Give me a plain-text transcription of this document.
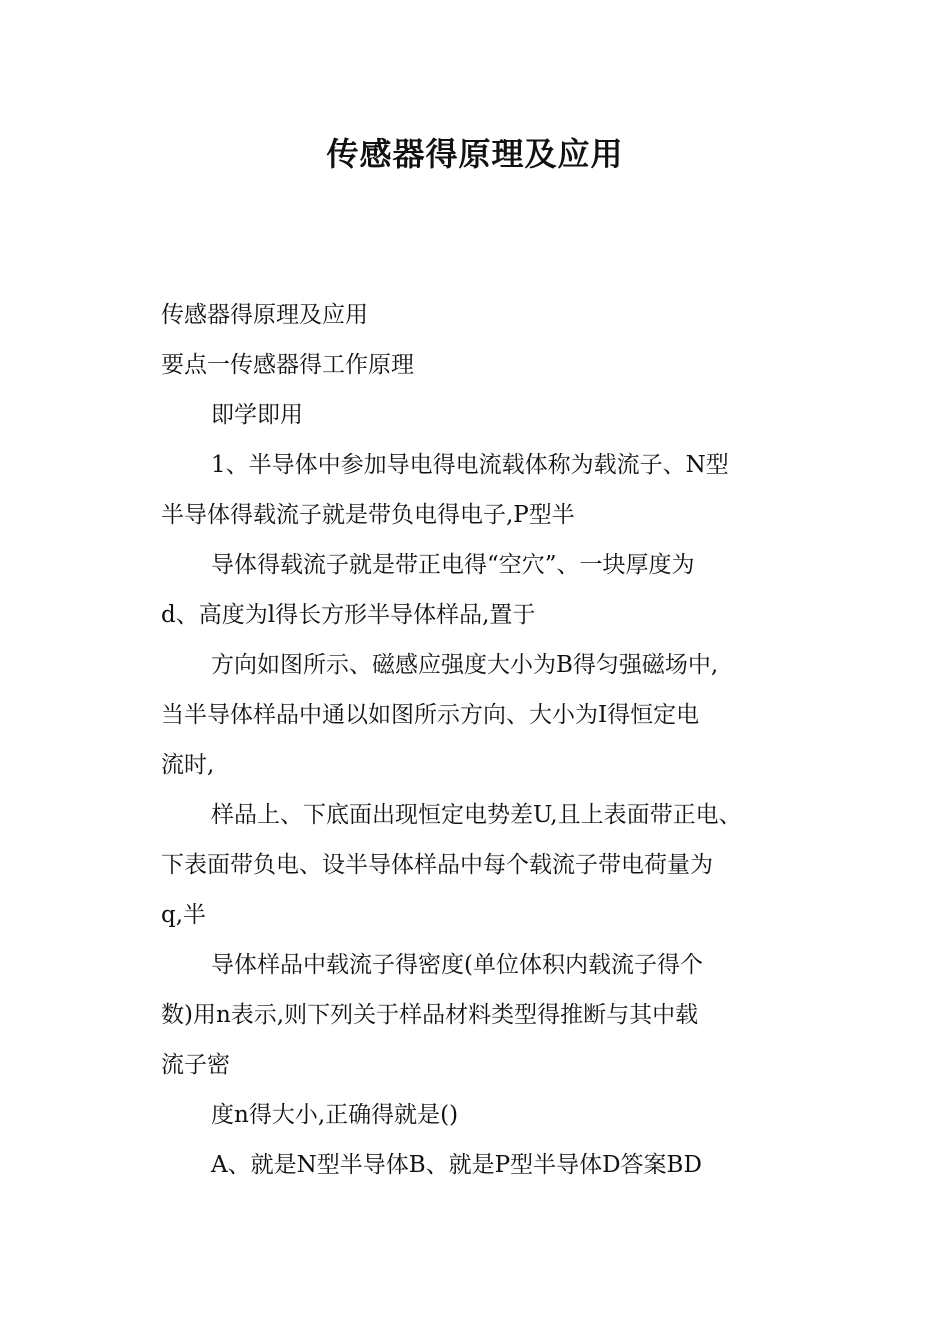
传感器得原理及应用
传感器得原理及应用
要点一传感器得工作原理
即学即用
1、半导体中参加导电得电流载体称为载流子、N型
半导体得载流子就是带负电得电子,P型半
导体得载流子就是带正电得“空穴”、一块厚度为
d、高度为l得长方形半导体样品,置于
方向如图所示、磁感应强度大小为B得匀强磁场中,
当半导体样品中通以如图所示方向、大小为I得恒定电
流时,
样品上、下底面出现恒定电势差U,且上表面带正电、
下表面带负电、设半导体样品中每个载流子带电荷量为
q,半
导体样品中载流子得密度(单位体积内载流子得个
数)用n表示,则下列关于样品材料类型得推断与其中载
流子密
度n得大小,正确得就是()
A、就是N型半导体B、就是P型半导体D答案BD
